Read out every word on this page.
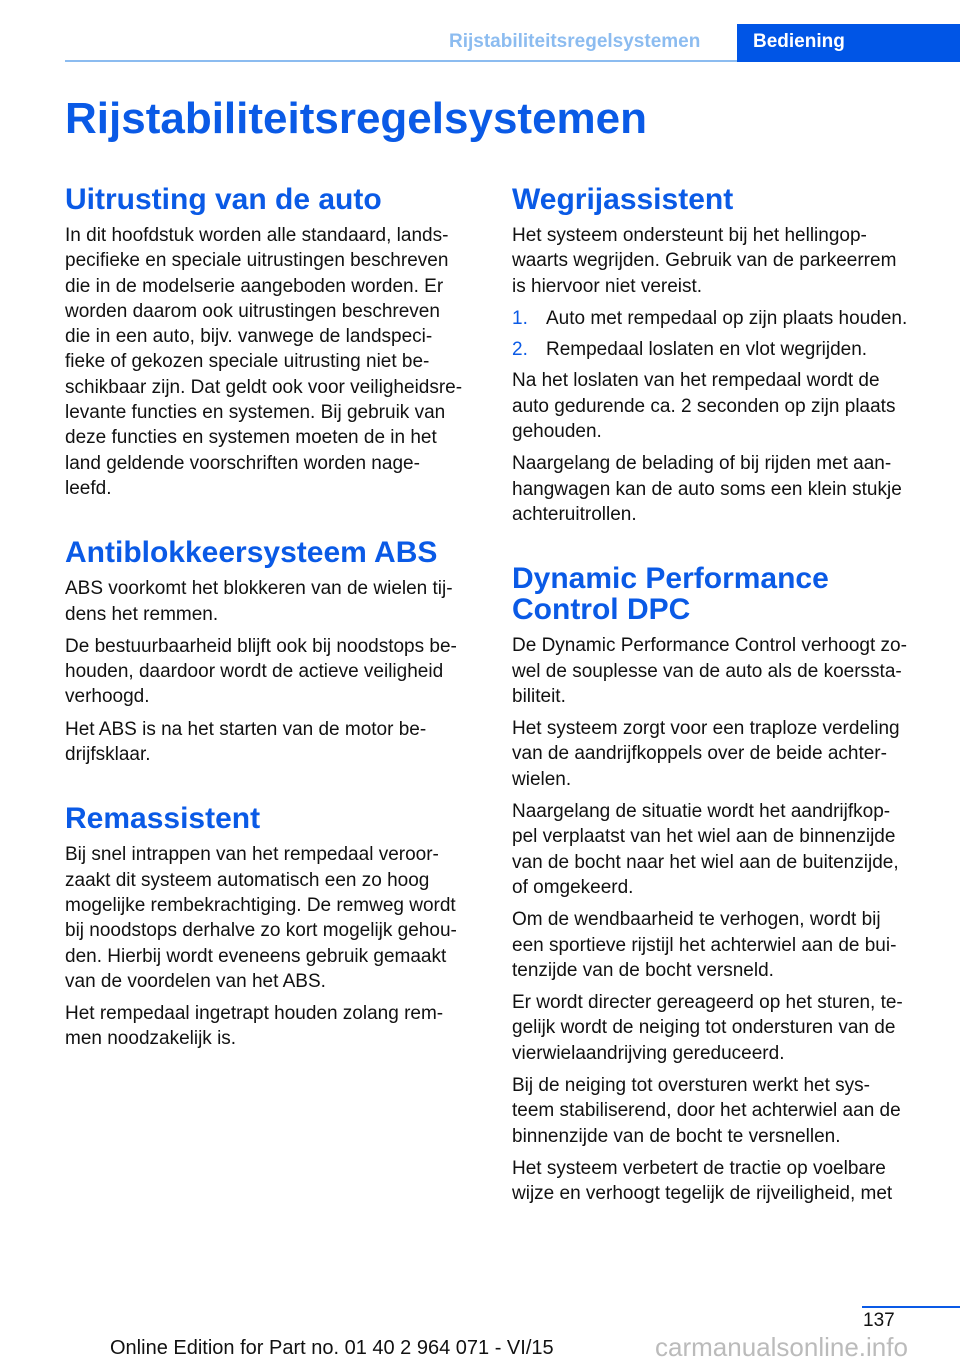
Rijstabiliteitsregelsystemen	Bediening
Rijstabiliteitsregelsystemen
Uitrusting van de auto

In dit hoofdstuk worden alle standaard, lands-
pecifieke en speciale uitrustingen beschreven
die in de modelserie aangeboden worden. Er
worden daarom ook uitrustingen beschreven
die in een auto, bijv. vanwege de landspeci-
fieke of gekozen speciale uitrusting niet be-
schikbaar zijn. Dat geldt ook voor veiligheidsre-
levante functies en systemen. Bij gebruik van
deze functies en systemen moeten de in het
land geldende voorschriften worden nage-
leefd.

Antiblokkeersysteem ABS

ABS voorkomt het blokkeren van de wielen tij-
dens het remmen.

De bestuurbaarheid blijft ook bij noodstops be-
houden, daardoor wordt de actieve veiligheid
verhoogd.

Het ABS is na het starten van de motor be-
drijfsklaar.

Remassistent

Bij snel intrappen van het rempedaal veroor-
zaakt dit systeem automatisch een zo hoog
mogelijke rembekrachtiging. De remweg wordt
bij noodstops derhalve zo kort mogelijk gehou-
den. Hierbij wordt eveneens gebruik gemaakt
van de voordelen van het ABS.

Het rempedaal ingetrapt houden zolang rem-
men noodzakelijk is.

Wegrijassistent

Het systeem ondersteunt bij het hellingop-
waarts wegrijden. Gebruik van de parkeerrem
is hiervoor niet vereist.

1. Auto met rempedaal op zijn plaats houden.
2. Rempedaal loslaten en vlot wegrijden.

Na het loslaten van het rempedaal wordt de
auto gedurende ca. 2 seconden op zijn plaats
gehouden.

Naargelang de belading of bij rijden met aan-
hangwagen kan de auto soms een klein stukje
achteruitrollen.

Dynamic Performance
Control DPC

De Dynamic Performance Control verhoogt zo-
wel de souplesse van de auto als de koerssta-
biliteit.

Het systeem zorgt voor een traploze verdeling
van de aandrijfkoppels over de beide achter-
wielen.

Naargelang de situatie wordt het aandrijfkop-
pel verplaatst van het wiel aan de binnenzijde
van de bocht naar het wiel aan de buitenzijde,
of omgekeerd.

Om de wendbaarheid te verhogen, wordt bij
een sportieve rijstijl het achterwiel aan de bui-
tenzijde van de bocht versneld.

Er wordt directer gereageerd op het sturen, te-
gelijk wordt de neiging tot ondersturen van de
vierwielaandrijving gereduceerd.

Bij de neiging tot oversturen werkt het sys-
teem stabiliserend, door het achterwiel aan de
binnenzijde van de bocht te versnellen.

Het systeem verbetert de tractie op voelbare
wijze en verhoogt tegelijk de rijveiligheid, met

137
Online Edition for Part no. 01 40 2 964 071 - VI/15	carmanualsonline.info
